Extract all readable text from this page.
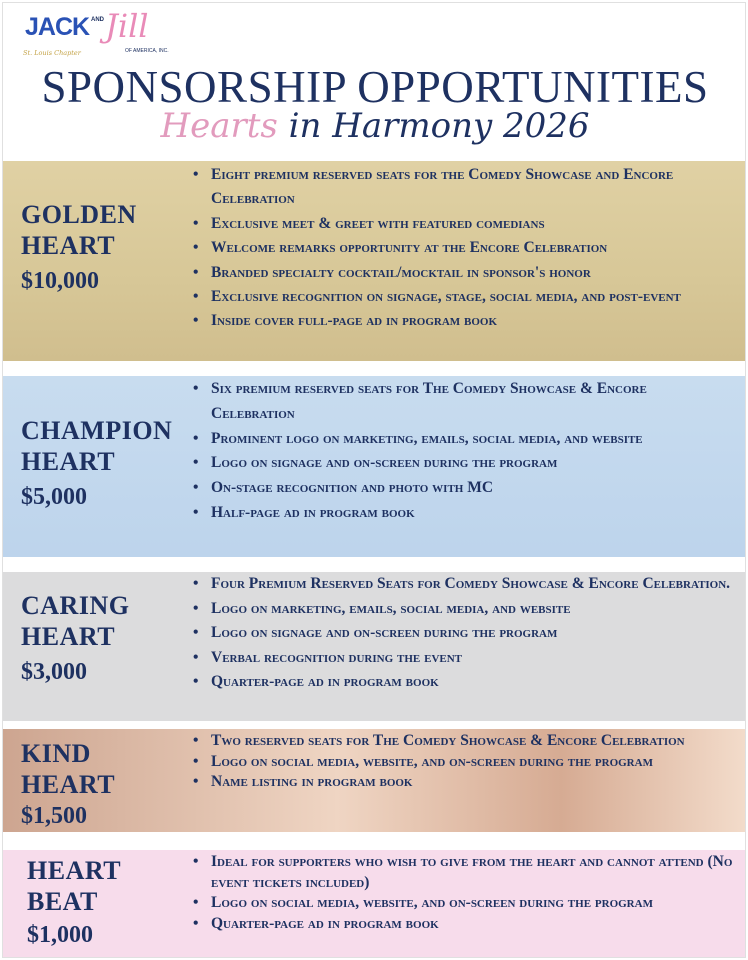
JACK AND Jill
St. Louis Chapter	OF AMERICA, INC.
SPONSORSHIP OPPORTUNITIES
Hearts in Harmony 2026
GOLDEN
HEART
$10,000
• Eight premium reserved seats for the Comedy Showcase and Encore Celebration
• Exclusive meet & greet with featured comedians
• Welcome remarks opportunity at the Encore Celebration
• Branded specialty cocktail/mocktail in sponsor's honor
• Exclusive recognition on signage, stage, social media, and post-event
• Inside cover full-page ad in program book
CHAMPION
HEART
$5,000
• Six premium reserved seats for The Comedy Showcase & Encore Celebration
• Prominent logo on marketing, emails, social media, and website
• Logo on signage and on-screen during the program
• On-stage recognition and photo with MC
• Half-page ad in program book
CARING
HEART
$3,000
• Four Premium Reserved Seats for Comedy Showcase & Encore Celebration.
• Logo on marketing, emails, social media, and website
• Logo on signage and on-screen during the program
• Verbal recognition during the event
• Quarter-page ad in program book
KIND
HEART
$1,500
• Two reserved seats for The Comedy Showcase & Encore Celebration
• Logo on social media, website, and on-screen during the program
• Name listing in program book
HEART
BEAT
$1,000
• Ideal for supporters who wish to give from the heart and cannot attend (No event tickets included)
• Logo on social media, website, and on-screen during the program
• Quarter-page ad in program book
